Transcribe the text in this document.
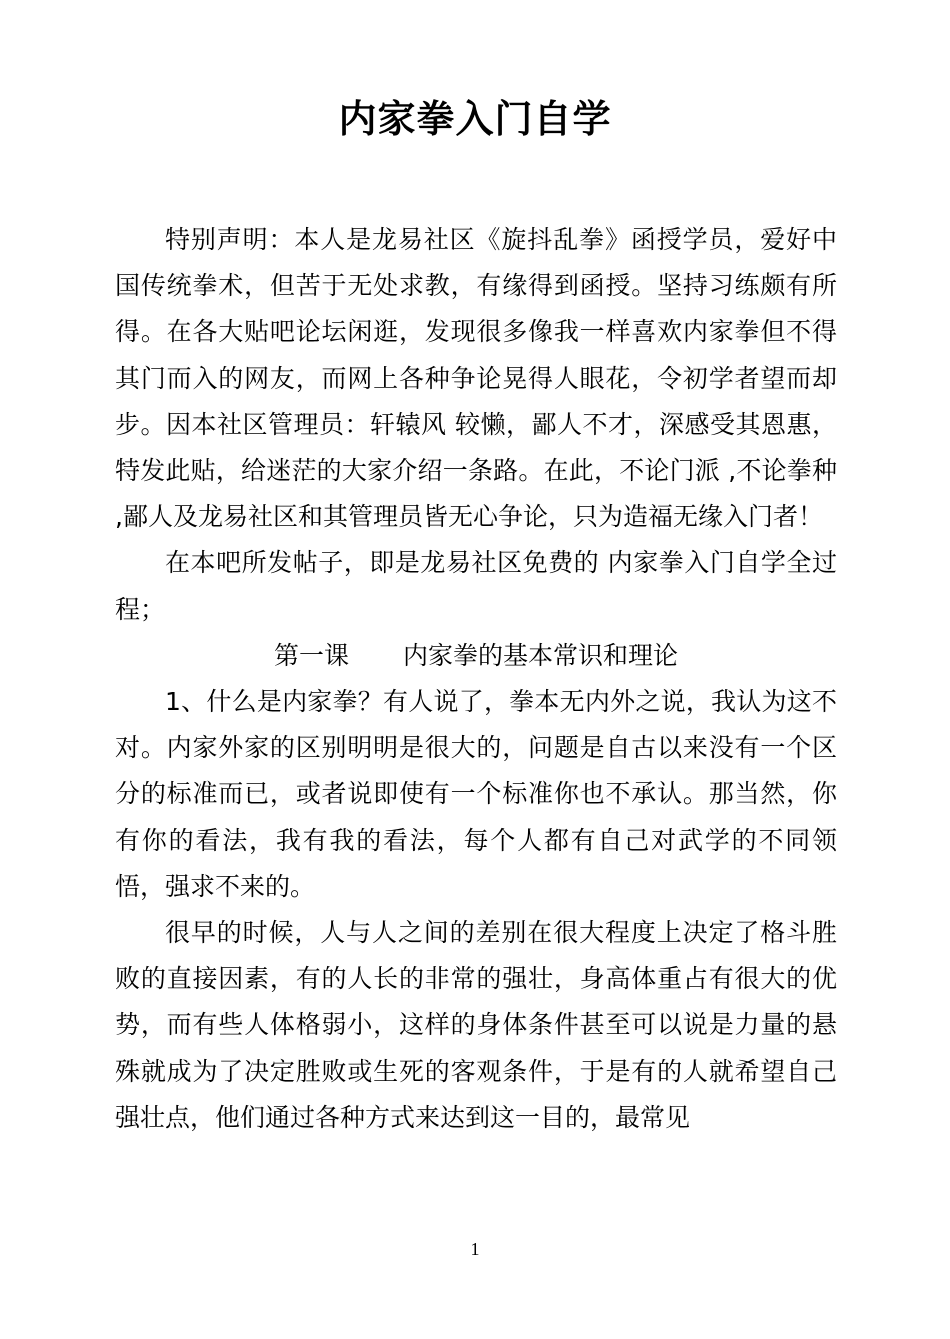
内家拳入门自学

特别声明：本人是龙易社区《旋抖乱拳》函授学员，爱好中国传统拳术，但苦于无处求教，有缘得到函授。坚持习练颇有所得。在各大贴吧论坛闲逛，发现很多像我一样喜欢内家拳但不得其门而入的网友，而网上各种争论晃得人眼花，令初学者望而却步。因本社区管理员：轩辕风 较懒，鄙人不才，深感受其恩惠， 特发此贴，给迷茫的大家介绍一条路。在此，不论门派 ,不论拳种 ,鄙人及龙易社区和其管理员皆无心争论，只为造福无缘入门者！

在本吧所发帖子，即是龙易社区免费的 内家拳入门自学全过程；

第一课 内家拳的基本常识和理论

1、什么是内家拳？有人说了，拳本无内外之说，我认为这不对。内家外家的区别明明是很大的，问题是自古以来没有一个区分的标准而已，或者说即使有一个标准你也不承认。那当然，你有你的看法，我有我的看法，每个人都有自己对武学的不同领悟，强求不来的。

很早的时候，人与人之间的差别在很大程度上决定了格斗胜败的直接因素，有的人长的非常的强壮，身高体重占有很大的优势，而有些人体格弱小，这样的身体条件甚至可以说是力量的悬殊就成为了决定胜败或生死的客观条件，于是有的人就希望自己强壮点，他们通过各种方式来达到这一目的，最常见

1
